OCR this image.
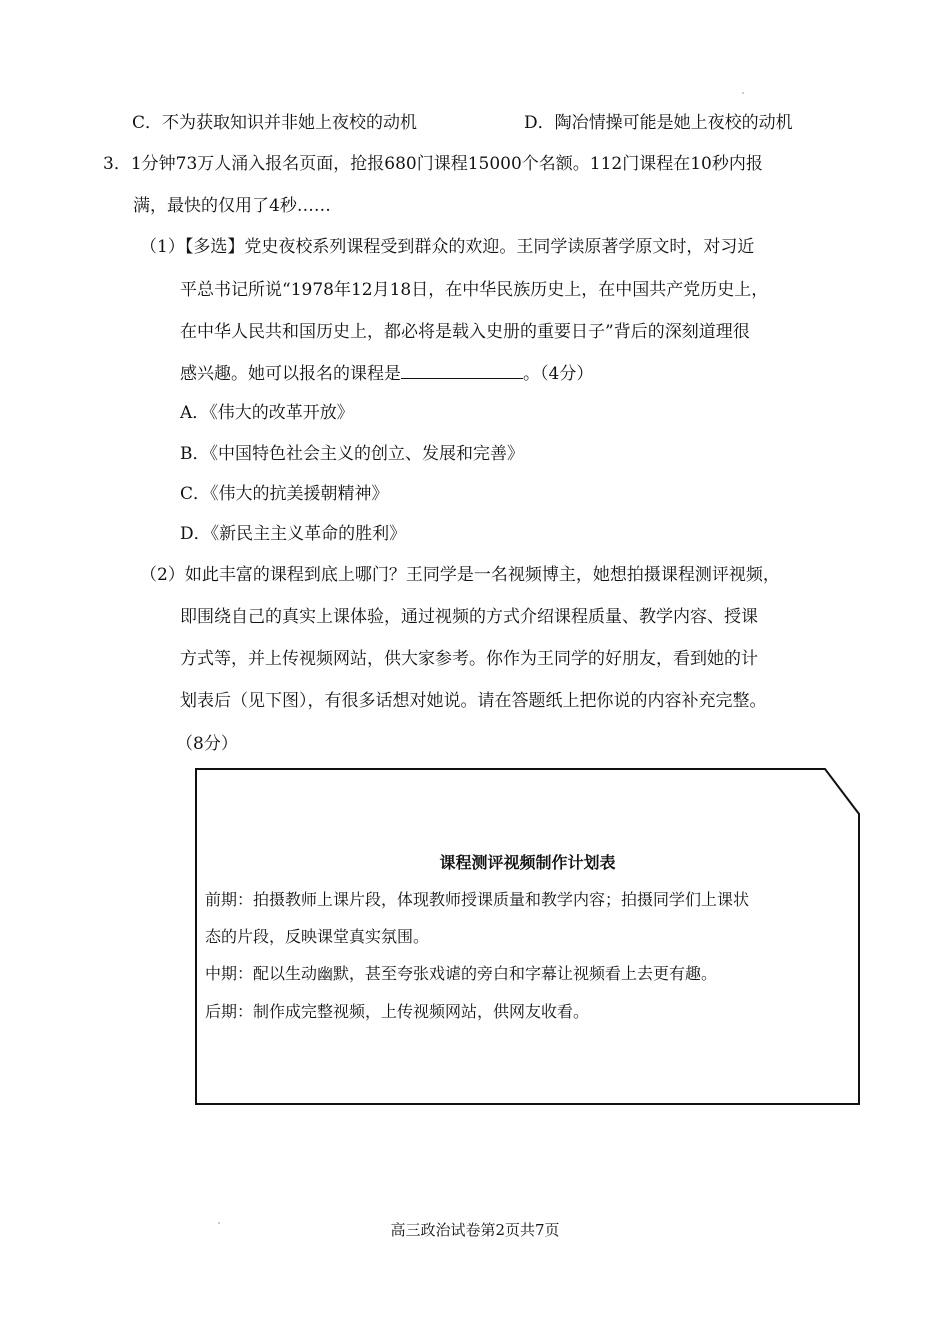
C．不为获取知识并非她上夜校的动机	D．陶冶情操可能是她上夜校的动机
3．1分钟73万人涌入报名页面，抢报680门课程15000个名额。112门课程在10秒内报
满，最快的仅用了4秒……
（1）【多选】党史夜校系列课程受到群众的欢迎。王同学读原著学原文时，对习近
平总书记所说“1978年12月18日，在中华民族历史上，在中国共产党历史上，
在中华人民共和国历史上，都必将是载入史册的重要日子”背后的深刻道理很
感兴趣。她可以报名的课程是	。（4分）
A．《伟大的改革开放》
B．《中国特色社会主义的创立、发展和完善》
C．《伟大的抗美援朝精神》
D．《新民主主义革命的胜利》
（2）如此丰富的课程到底上哪门？王同学是一名视频博主，她想拍摄课程测评视频，
即围绕自己的真实上课体验，通过视频的方式介绍课程质量、教学内容、授课
方式等，并上传视频网站，供大家参考。你作为王同学的好朋友，看到她的计
划表后（见下图），有很多话想对她说。请在答题纸上把你说的内容补充完整。
（8分）
课程测评视频制作计划表
前期：拍摄教师上课片段，体现教师授课质量和教学内容；拍摄同学们上课状
态的片段，反映课堂真实氛围。
中期：配以生动幽默，甚至夸张戏谑的旁白和字幕让视频看上去更有趣。
后期：制作成完整视频，上传视频网站，供网友收看。
高三政治试卷第2页共7页
